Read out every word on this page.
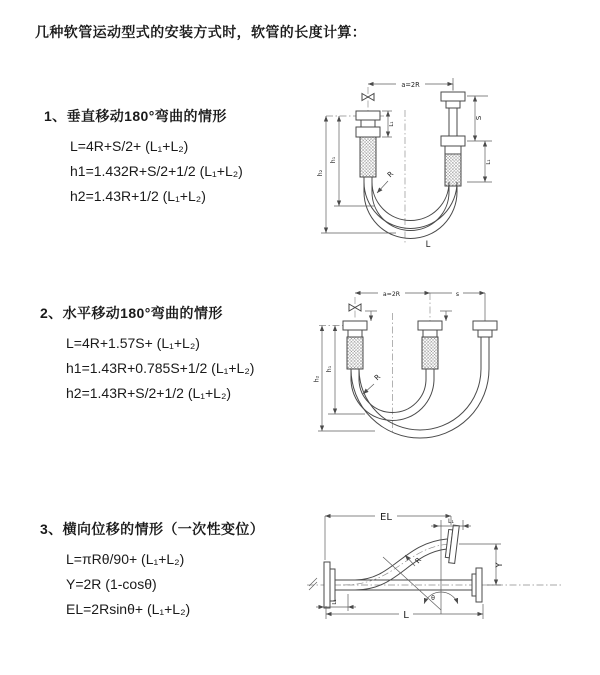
几种软管运动型式的安装方式时，软管的长度计算：
1、垂直移动180°弯曲的情形
L=4R+S/2+ (L₁+L₂)
h1=1.432R+S/2+1/2 (L₁+L₂)
h2=1.43R+1/2 (L₁+L₂)
a=2R
L₁
S
L₁
h₁
h₂	R
L
2、水平移动180°弯曲的情形
L=4R+1.57S+ (L₁+L₂)
h1=1.43R+0.785S+1/2 (L₁+L₂)
h2=1.43R+S/2+1/2 (L₁+L₂)
a=2R	s
h₁
h₂	R
3、横向位移的情形（一次性变位）
L=πRθ/90+ (L₁+L₂)
Y=2R (1-cosθ)
EL=2Rsinθ+ (L₁+L₂)
EL	L₁
Y
L
L₁
R
θ
